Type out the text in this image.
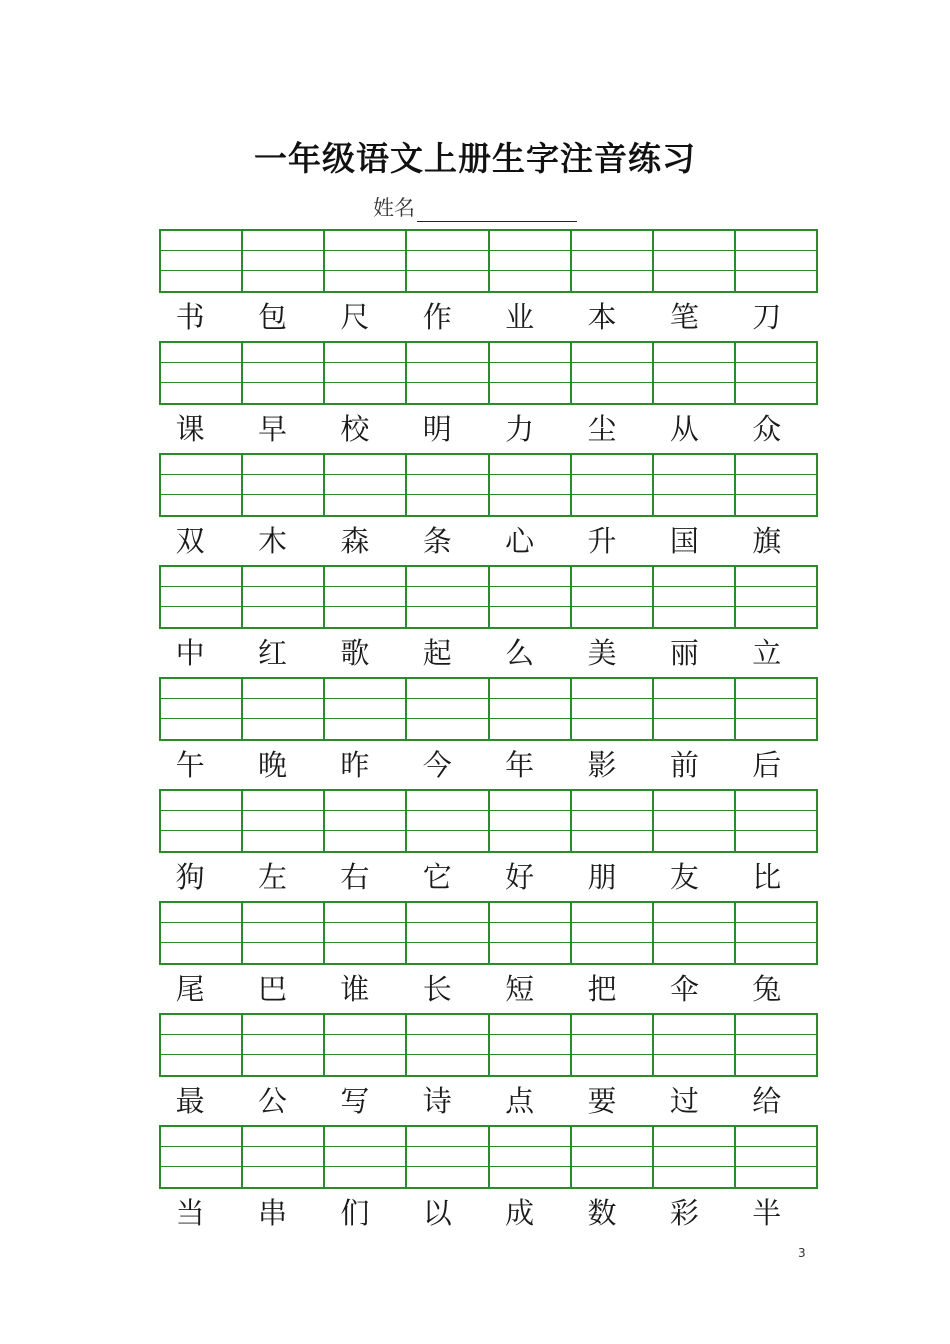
一年级语文上册生字注音练习
姓名
书	包	尺	作	业	本	笔	刀
课	早	校	明	力	尘	从	众
双	木	森	条	心	升	国	旗
中	红	歌	起	么	美	丽	立
午	晚	昨	今	年	影	前	后
狗	左	右	它	好	朋	友	比
尾	巴	谁	长	短	把	伞	兔
最	公	写	诗	点	要	过	给
当	串	们	以	成	数	彩	半
3
